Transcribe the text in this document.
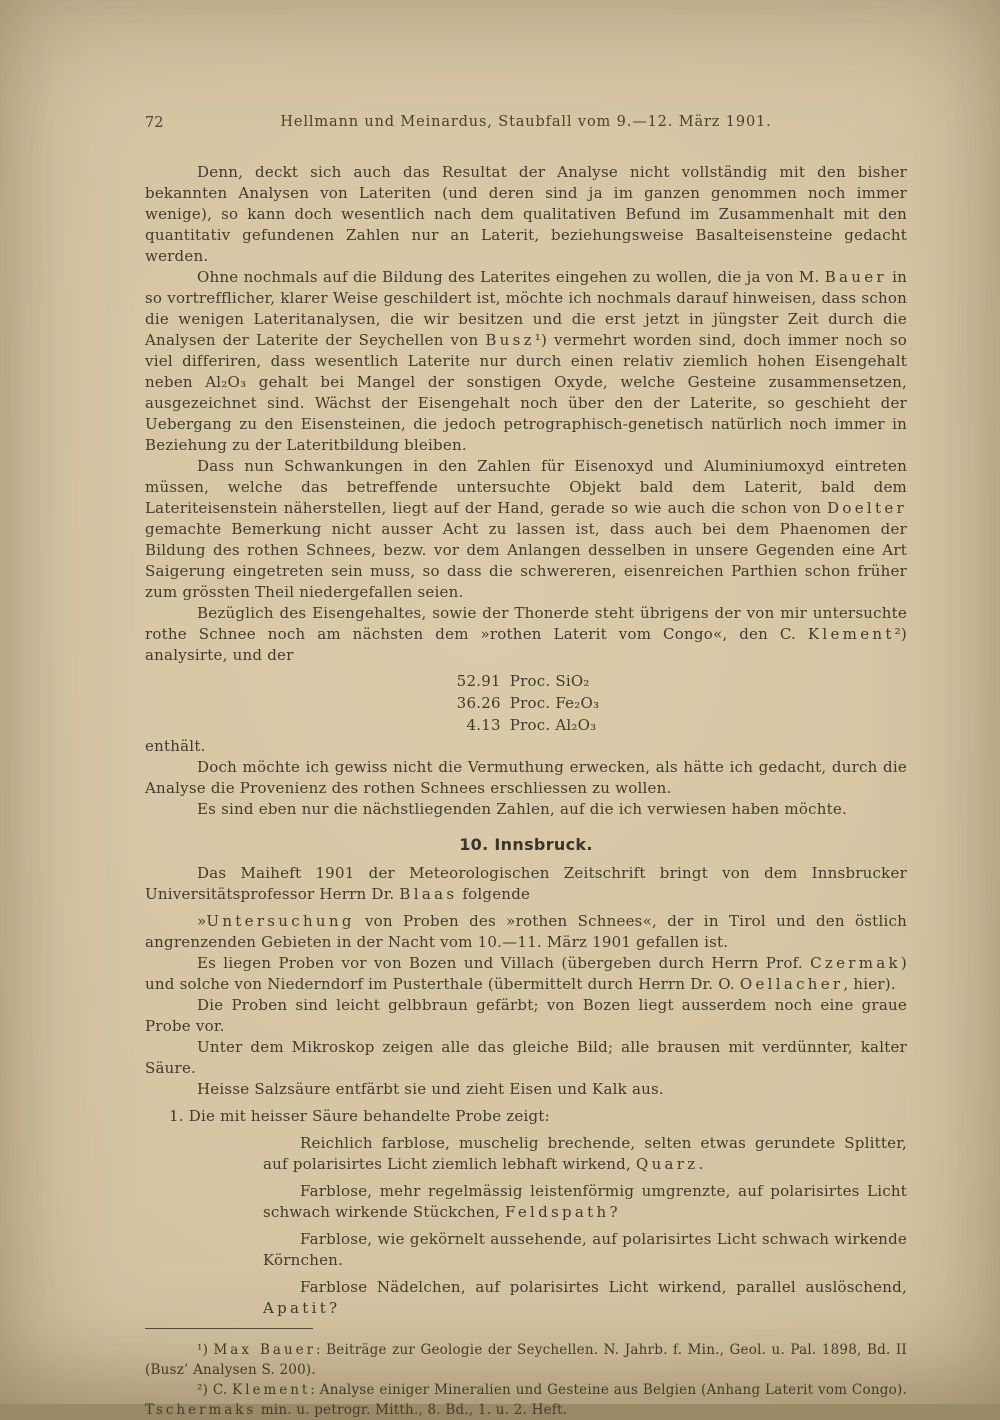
72	Hellmann und Meinardus, Staubfall vom 9.—12. März 1901.

Denn, deckt sich auch das Resultat der Analyse nicht vollständig mit den bisher bekannten Analysen von Lateriten (und deren sind ja im ganzen genommen noch immer wenige), so kann doch wesentlich nach dem qualitativen Befund im Zusammenhalt mit den quantitativ gefundenen Zahlen nur an Laterit, beziehungsweise Basalteisensteine gedacht werden.

Ohne nochmals auf die Bildung des Laterites eingehen zu wollen, die ja von M. Bauer in so vortrefflicher, klarer Weise geschildert ist, möchte ich nochmals darauf hinweisen, dass schon die wenigen Lateritanalysen, die wir besitzen und die erst jetzt in jüngster Zeit durch die Analysen der Laterite der Seychellen von Busz¹) vermehrt worden sind, doch immer noch so viel differiren, dass wesentlich Laterite nur durch einen relativ ziemlich hohen Eisengehalt neben Al₂O₃ gehalt bei Mangel der sonstigen Oxyde, welche Gesteine zusammensetzen, ausgezeichnet sind. Wächst der Eisengehalt noch über den der Laterite, so geschieht der Uebergang zu den Eisensteinen, die jedoch petrographisch-genetisch natürlich noch immer in Beziehung zu der Lateritbildung bleiben.

Dass nun Schwankungen in den Zahlen für Eisenoxyd und Aluminiumoxyd eintreten müssen, welche das betreffende untersuchte Objekt bald dem Laterit, bald dem Lateriteisenstein näherstellen, liegt auf der Hand, gerade so wie auch die schon von Doelter gemachte Bemerkung nicht ausser Acht zu lassen ist, dass auch bei dem Phaenomen der Bildung des rothen Schnees, bezw. vor dem Anlangen desselben in unsere Gegenden eine Art Saigerung eingetreten sein muss, so dass die schwereren, eisenreichen Parthien schon früher zum grössten Theil niedergefallen seien.

Bezüglich des Eisengehaltes, sowie der Thonerde steht übrigens der von mir untersuchte rothe Schnee noch am nächsten dem »rothen Laterit vom Congo«, den C. Klement²) analysirte, und der

52.91 Proc. SiO₂
36.26 Proc. Fe₂O₃
4.13 Proc. Al₂O₃

enthält.

Doch möchte ich gewiss nicht die Vermuthung erwecken, als hätte ich gedacht, durch die Analyse die Provenienz des rothen Schnees erschliessen zu wollen.

Es sind eben nur die nächstliegenden Zahlen, auf die ich verwiesen haben möchte.

10. Innsbruck.

Das Maiheft 1901 der Meteorologischen Zeitschrift bringt von dem Innsbrucker Universitätsprofessor Herrn Dr. Blaas folgende

»Untersuchung von Proben des »rothen Schnees«, der in Tirol und den östlich angrenzenden Gebieten in der Nacht vom 10.—11. März 1901 gefallen ist.

Es liegen Proben vor von Bozen und Villach (übergeben durch Herrn Prof. Czermak) und solche von Niederndorf im Pusterthale (übermittelt durch Herrn Dr. O. Oellacher, hier).

Die Proben sind leicht gelbbraun gefärbt; von Bozen liegt ausserdem noch eine graue Probe vor.

Unter dem Mikroskop zeigen alle das gleiche Bild; alle brausen mit verdünnter, kalter Säure.

Heisse Salzsäure entfärbt sie und zieht Eisen und Kalk aus.

1. Die mit heisser Säure behandelte Probe zeigt:

Reichlich farblose, muschelig brechende, selten etwas gerundete Splitter, auf polarisirtes Licht ziemlich lebhaft wirkend, Quarz.

Farblose, mehr regelmässig leistenförmig umgrenzte, auf polarisirtes Licht schwach wirkende Stückchen, Feldspath?

Farblose, wie gekörnelt aussehende, auf polarisirtes Licht schwach wirkende Körnchen.

Farblose Nädelchen, auf polarisirtes Licht wirkend, parallel auslöschend, Apatit?

¹) Max Bauer: Beiträge zur Geologie der Seychellen. N. Jahrb. f. Min., Geol. u. Pal. 1898, Bd. II (Busz’ Analysen S. 200).

²) C. Klement: Analyse einiger Mineralien und Gesteine aus Belgien (Anhang Laterit vom Congo). Tschermaks min. u. petrogr. Mitth., 8. Bd., 1. u. 2. Heft.
